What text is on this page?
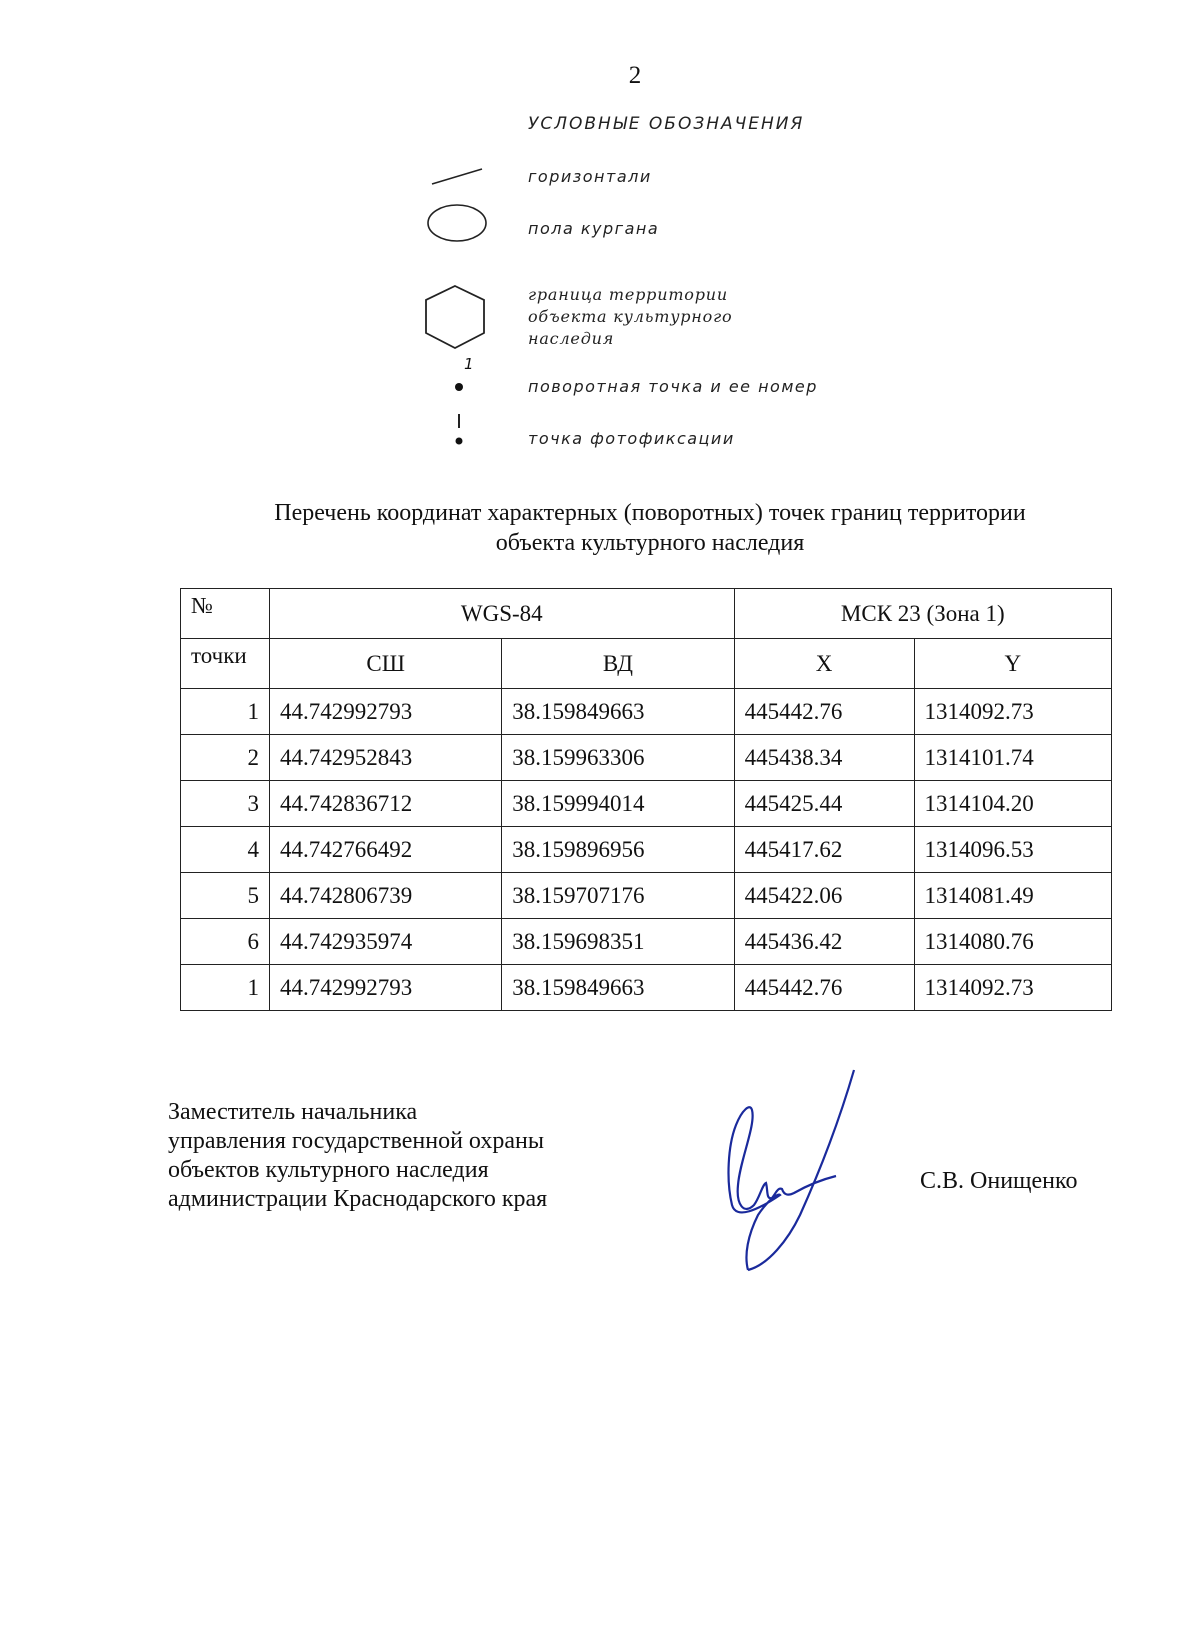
2
УСЛОВНЫЕ ОБОЗНАЧЕНИЯ
горизонтали
пола кургана
граница территории
объекта культурного
наследия
1
поворотная точка и ее номер
точка фотофиксации
Перечень координат характерных (поворотных) точек границ территории
объекта культурного наследия
№	WGS-84		МСК 23 (Зона 1)	
точки	СШ	ВД	X	Y
1	44.742992793	38.159849663	445442.76	1314092.73
2	44.742952843	38.159963306	445438.34	1314101.74
3	44.742836712	38.159994014	445425.44	1314104.20
4	44.742766492	38.159896956	445417.62	1314096.53
5	44.742806739	38.159707176	445422.06	1314081.49
6	44.742935974	38.159698351	445436.42	1314080.76
1	44.742992793	38.159849663	445442.76	1314092.73
Заместитель начальника
управления государственной охраны
объектов культурного наследия
администрации Краснодарского края
С.В. Онищенко
